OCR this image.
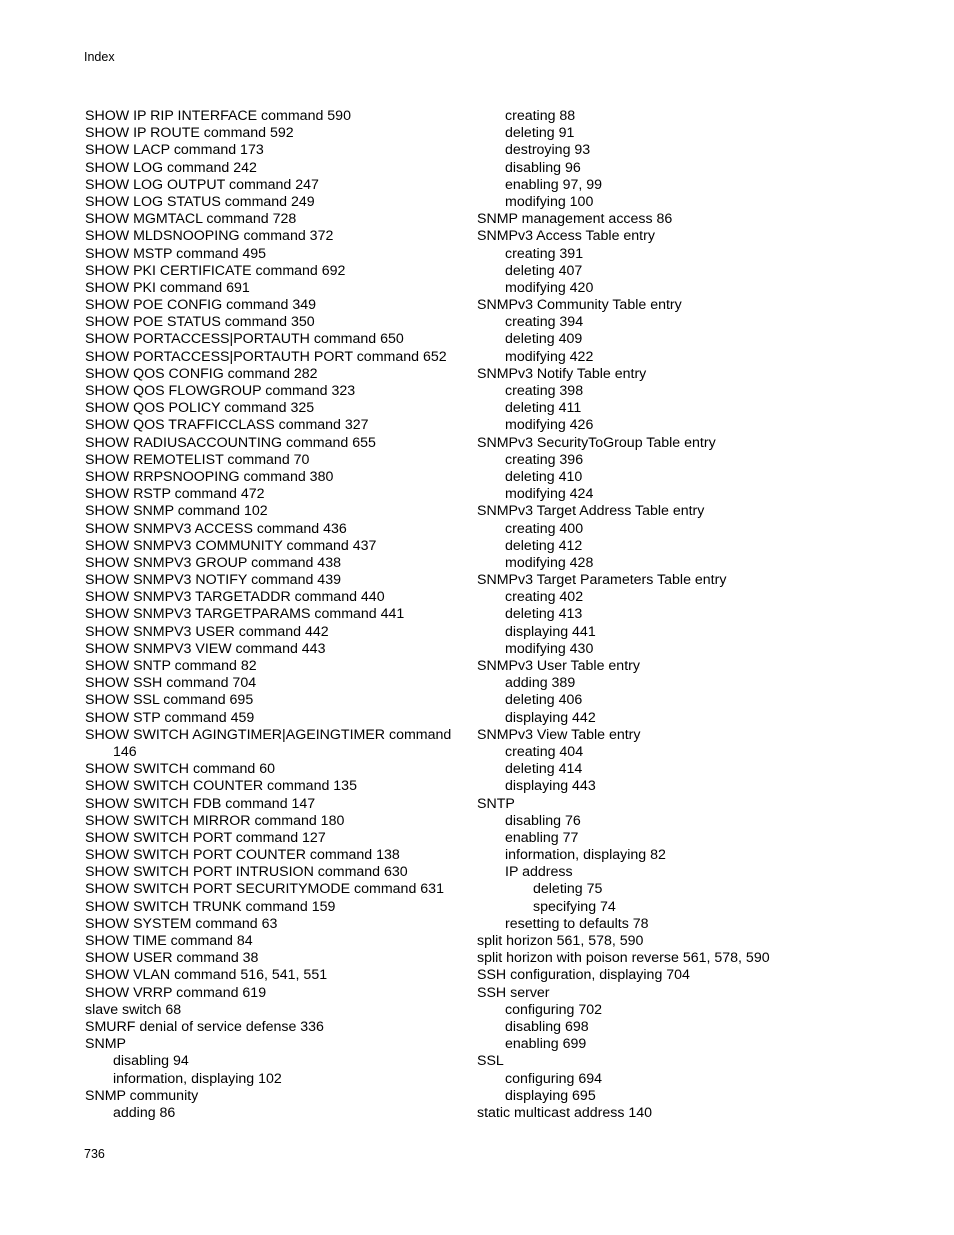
Index
SHOW IP RIP INTERFACE command 590
SHOW IP ROUTE command 592
SHOW LACP command 173
SHOW LOG command 242
SHOW LOG OUTPUT command 247
SHOW LOG STATUS command 249
SHOW MGMTACL command 728
SHOW MLDSNOOPING command 372
SHOW MSTP command 495
SHOW PKI CERTIFICATE command 692
SHOW PKI command 691
SHOW POE CONFIG command 349
SHOW POE STATUS command 350
SHOW PORTACCESS|PORTAUTH command 650
SHOW PORTACCESS|PORTAUTH PORT command 652
SHOW QOS CONFIG command 282
SHOW QOS FLOWGROUP command 323
SHOW QOS POLICY command 325
SHOW QOS TRAFFICCLASS command 327
SHOW RADIUSACCOUNTING command 655
SHOW REMOTELIST command 70
SHOW RRPSNOOPING command 380
SHOW RSTP command 472
SHOW SNMP command 102
SHOW SNMPV3 ACCESS command 436
SHOW SNMPV3 COMMUNITY command 437
SHOW SNMPV3 GROUP command 438
SHOW SNMPV3 NOTIFY command 439
SHOW SNMPV3 TARGETADDR command 440
SHOW SNMPV3 TARGETPARAMS command 441
SHOW SNMPV3 USER command 442
SHOW SNMPV3 VIEW command 443
SHOW SNTP command 82
SHOW SSH command 704
SHOW SSL command 695
SHOW STP command 459
SHOW SWITCH AGINGTIMER|AGEINGTIMER command
146
SHOW SWITCH command 60
SHOW SWITCH COUNTER command 135
SHOW SWITCH FDB command 147
SHOW SWITCH MIRROR command 180
SHOW SWITCH PORT command 127
SHOW SWITCH PORT COUNTER command 138
SHOW SWITCH PORT INTRUSION command 630
SHOW SWITCH PORT SECURITYMODE command 631
SHOW SWITCH TRUNK command 159
SHOW SYSTEM command 63
SHOW TIME command 84
SHOW USER command 38
SHOW VLAN command 516, 541, 551
SHOW VRRP command 619
slave switch 68
SMURF denial of service defense 336
SNMP
disabling 94
information, displaying 102
SNMP community
adding 86
creating 88
deleting 91
destroying 93
disabling 96
enabling 97, 99
modifying 100
SNMP management access 86
SNMPv3 Access Table entry
creating 391
deleting 407
modifying 420
SNMPv3 Community Table entry
creating 394
deleting 409
modifying 422
SNMPv3 Notify Table entry
creating 398
deleting 411
modifying 426
SNMPv3 SecurityToGroup Table entry
creating 396
deleting 410
modifying 424
SNMPv3 Target Address Table entry
creating 400
deleting 412
modifying 428
SNMPv3 Target Parameters Table entry
creating 402
deleting 413
displaying 441
modifying 430
SNMPv3 User Table entry
adding 389
deleting 406
displaying 442
SNMPv3 View Table entry
creating 404
deleting 414
displaying 443
SNTP
disabling 76
enabling 77
information, displaying 82
IP address
deleting 75
specifying 74
resetting to defaults 78
split horizon 561, 578, 590
split horizon with poison reverse 561, 578, 590
SSH configuration, displaying 704
SSH server
configuring 702
disabling 698
enabling 699
SSL
configuring 694
displaying 695
static multicast address 140
736
